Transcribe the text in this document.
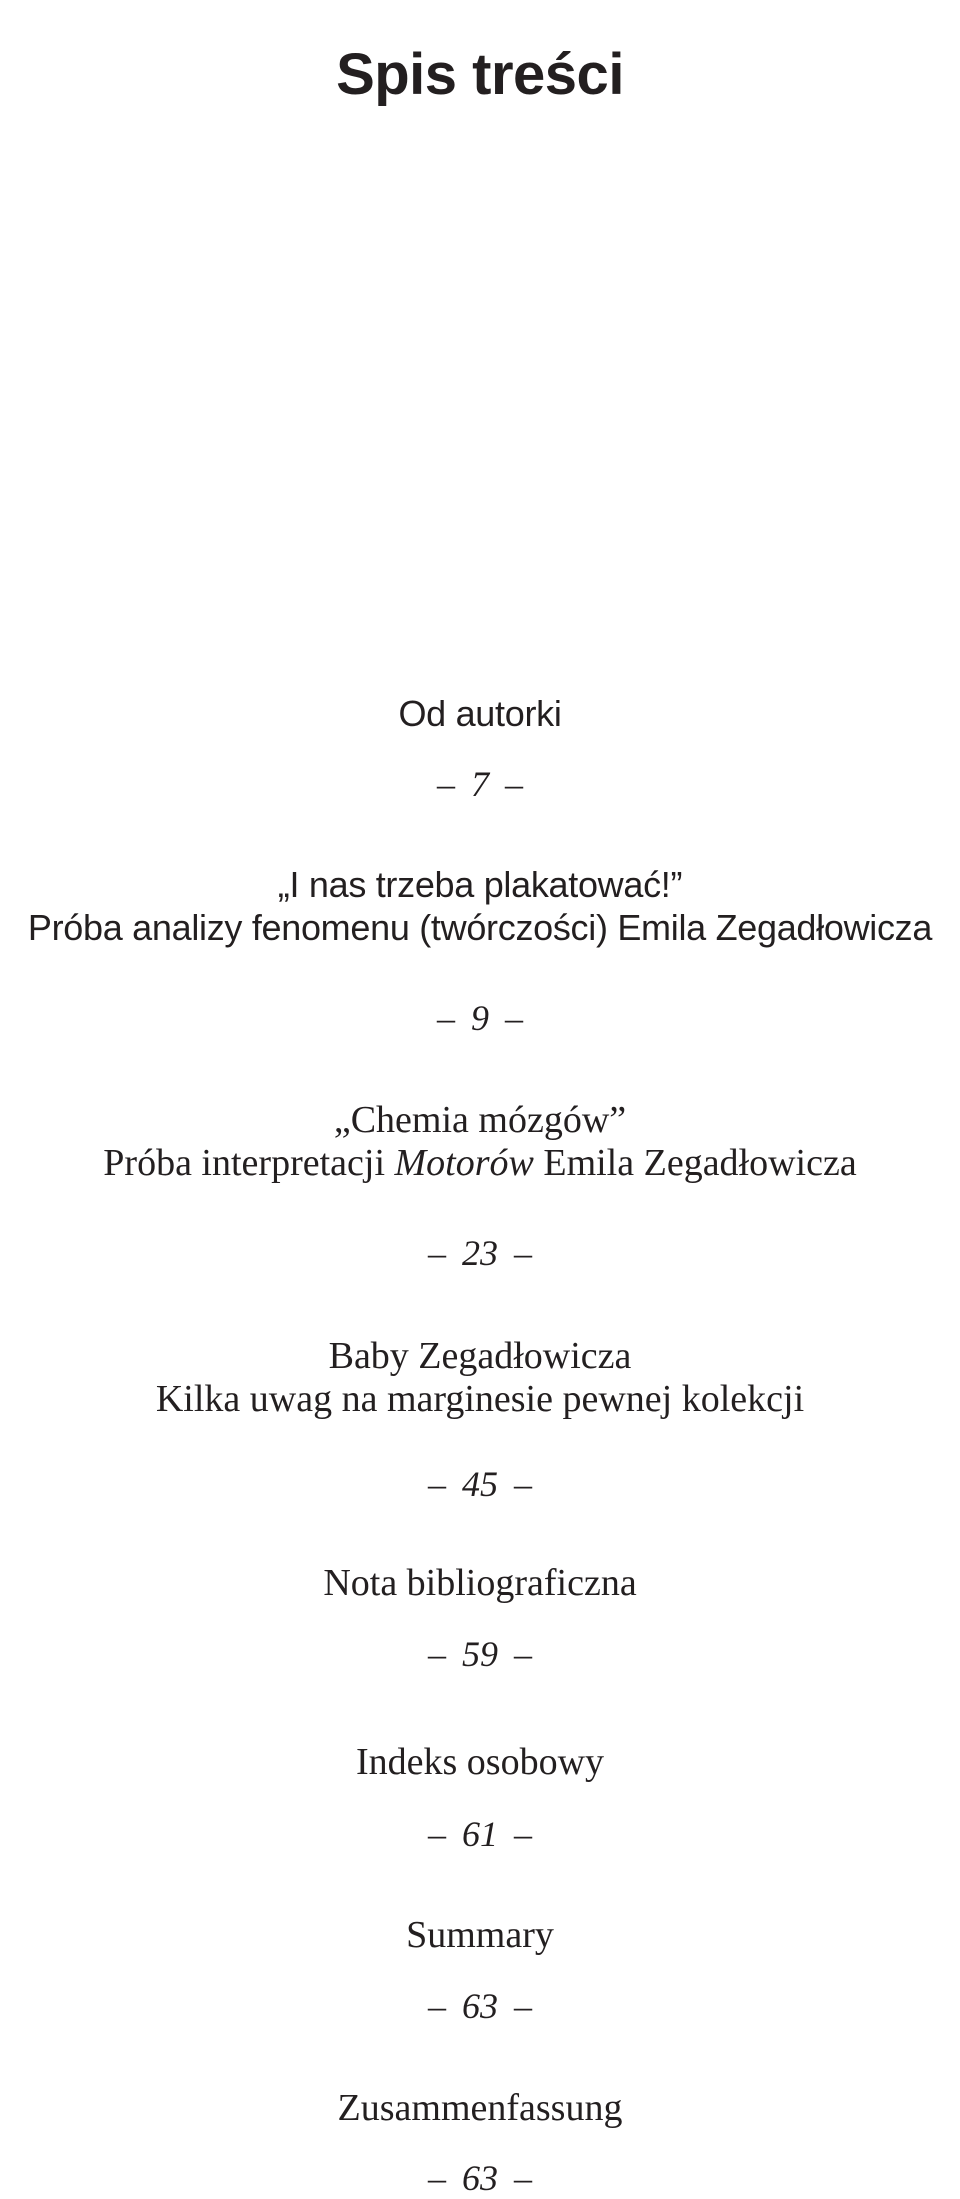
Spis treści
Od autorki
– 7 –
„I nas trzeba plakatować!”
Próba analizy fenomenu (twórczości) Emila Zegadłowicza
– 9 –
„Chemia mózgów”
Próba interpretacji Motorów Emila Zegadłowicza
– 23 –
Baby Zegadłowicza
Kilka uwag na marginesie pewnej kolekcji
– 45 –
Nota bibliograficzna
– 59 –
Indeks osobowy
– 61 –
Summary
– 63 –
Zusammenfassung
– 63 –
